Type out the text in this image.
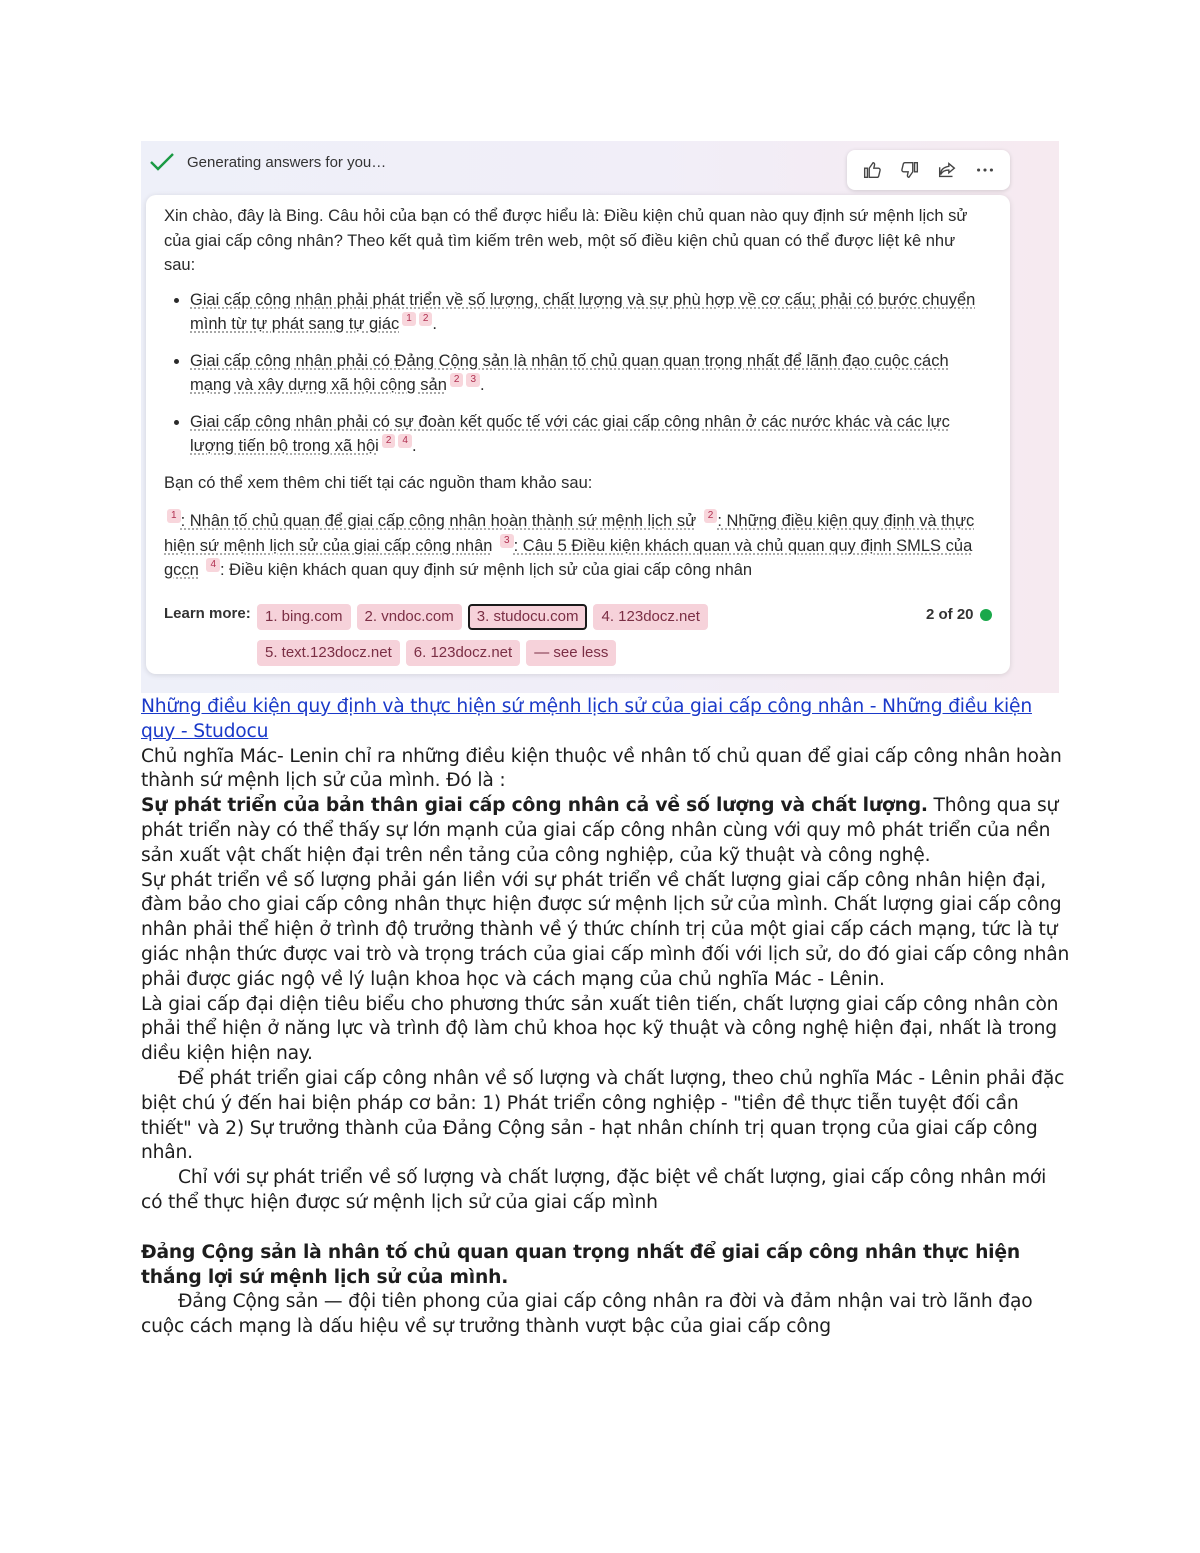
Generating answers for you…

Xin chào, đây là Bing. Câu hỏi của bạn có thể được hiểu là: Điều kiện chủ quan nào quy định sứ mệnh lịch sử của giai cấp công nhân? Theo kết quả tìm kiếm trên web, một số điều kiện chủ quan có thể được liệt kê như sau:

• Giai cấp công nhân phải phát triển về số lượng, chất lượng và sự phù hợp về cơ cấu; phải có bước chuyển mình từ tự phát sang tự giác 1 2 .
• Giai cấp công nhân phải có Đảng Cộng sản là nhân tố chủ quan quan trọng nhất để lãnh đạo cuộc cách mạng và xây dựng xã hội cộng sản 2 3 .
• Giai cấp công nhân phải có sự đoàn kết quốc tế với các giai cấp công nhân ở các nước khác và các lực lượng tiến bộ trong xã hội 2 4 .

Bạn có thể xem thêm chi tiết tại các nguồn tham khảo sau:

1 : Nhân tố chủ quan để giai cấp công nhân hoàn thành sứ mệnh lịch sử 2 : Những điều kiện quy định và thực hiện sứ mệnh lịch sử của giai cấp công nhân 3 : Câu 5 Điều kiện khách quan và chủ quan quy định SMLS của gccn 4 : Điều kiện khách quan quy định sứ mệnh lịch sử của giai cấp công nhân

Learn more: 1. bing.com 2. vndoc.com 3. studocu.com 4. 123docz.net
5. text.123docz.net 6. 123docz.net — see less
2 of 20

Những điều kiện quy định và thực hiện sứ mệnh lịch sử của giai cấp công nhân - Những điều kiện quy - Studocu

Chủ nghĩa Mác- Lenin chỉ ra những điều kiện thuộc về nhân tố chủ quan để giai cấp công nhân hoàn thành sứ mệnh lịch sử của mình. Đó là :

Sự phát triển của bản thân giai cấp công nhân cả về số lượng và chất lượng. Thông qua sự phát triển này có thể thấy sự lớn mạnh của giai cấp công nhân cùng với quy mô phát triển của nền sản xuất vật chất hiện đại trên nền tảng của công nghiệp, của kỹ thuật và công nghệ.

Sự phát triển về số lượng phải gán liền với sự phát triển về chất lượng giai cấp công nhân hiện đại, đàm bảo cho giai cấp công nhân thực hiện được sứ mệnh lịch sử của mình. Chất lượng giai cấp công nhân phải thể hiện ở trình độ trưởng thành về ý thức chính trị của một giai cấp cách mạng, tức là tự giác nhận thức được vai trò và trọng trách của giai cấp mình đối với lịch sử, do đó giai cấp công nhân phải được giác ngộ về lý luận khoa học và cách mạng của chủ nghĩa Mác - Lênin.

Là giai cấp đại diện tiêu biểu cho phương thức sản xuất tiên tiến, chất lượng giai cấp công nhân còn phải thể hiện ở năng lực và trình độ làm chủ khoa học kỹ thuật và công nghệ hiện đại, nhất là trong diều kiện hiện nay.

Để phát triển giai cấp công nhân về số lượng và chất lượng, theo chủ nghĩa Mác - Lênin phải đặc biệt chú ý đến hai biện pháp cơ bản: 1) Phát triển công nghiệp - "tiền đề thực tiễn tuyệt đối cần thiết" và 2) Sự trưởng thành của Đảng Cộng sản - hạt nhân chính trị quan trọng của giai cấp công nhân.

Chỉ với sự phát triển về số lượng và chất lượng, đặc biệt về chất lượng, giai cấp công nhân mới có thể thực hiện được sứ mệnh lịch sử của giai cấp mình

Đảng Cộng sản là nhân tố chủ quan quan trọng nhất để giai cấp công nhân thực hiện thắng lợi sứ mệnh lịch sử của mình.

Đảng Cộng sản — đội tiên phong của giai cấp công nhân ra đời và đảm nhận vai trò lãnh đạo cuộc cách mạng là dấu hiệu về sự trưởng thành vượt bậc của giai cấp công
